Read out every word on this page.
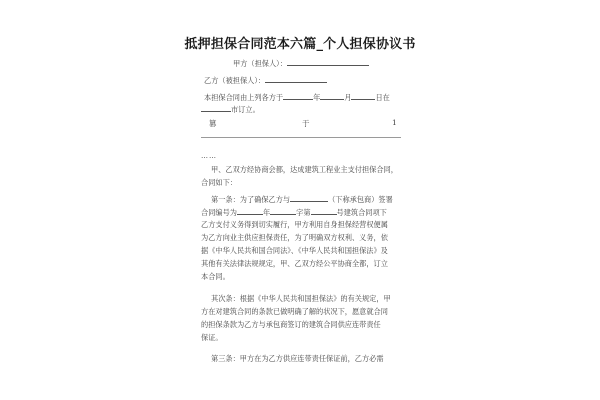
抵押担保合同范本六篇_个人担保协议书
甲方（担保人）：
乙方（被担保人）：
本担保合同由上列各方于	年	月	日在
市订立。
篡	于	1
……
甲、乙双方经协商会都，达成建筑工程业主支付担保合同，
合同如下：
第一条：为了确保乙方与	（下称承包商）签署
合同编号为	年	字第	号建筑合同项下
乙方支付义务得到切实履行，甲方利用自身担保经营权便属
为乙方向业主供应担保责任，为了明确双方权利、义务，依
据《中华人民共和国合同法》、《中华人民共和国担保法》及
其他有关法律法规规定，甲、乙双方经公平协商全都，订立
本合同。
其次条：根据《中华人民共和国担保法》的有关规定，甲
方在对建筑合同的条款已做明确了解的状况下，愿意就合同
的担保条款为乙方与承包商签订的建筑合同供应连带责任
保证。
第三条：甲方在为乙方供应连带责任保证前，乙方必需
